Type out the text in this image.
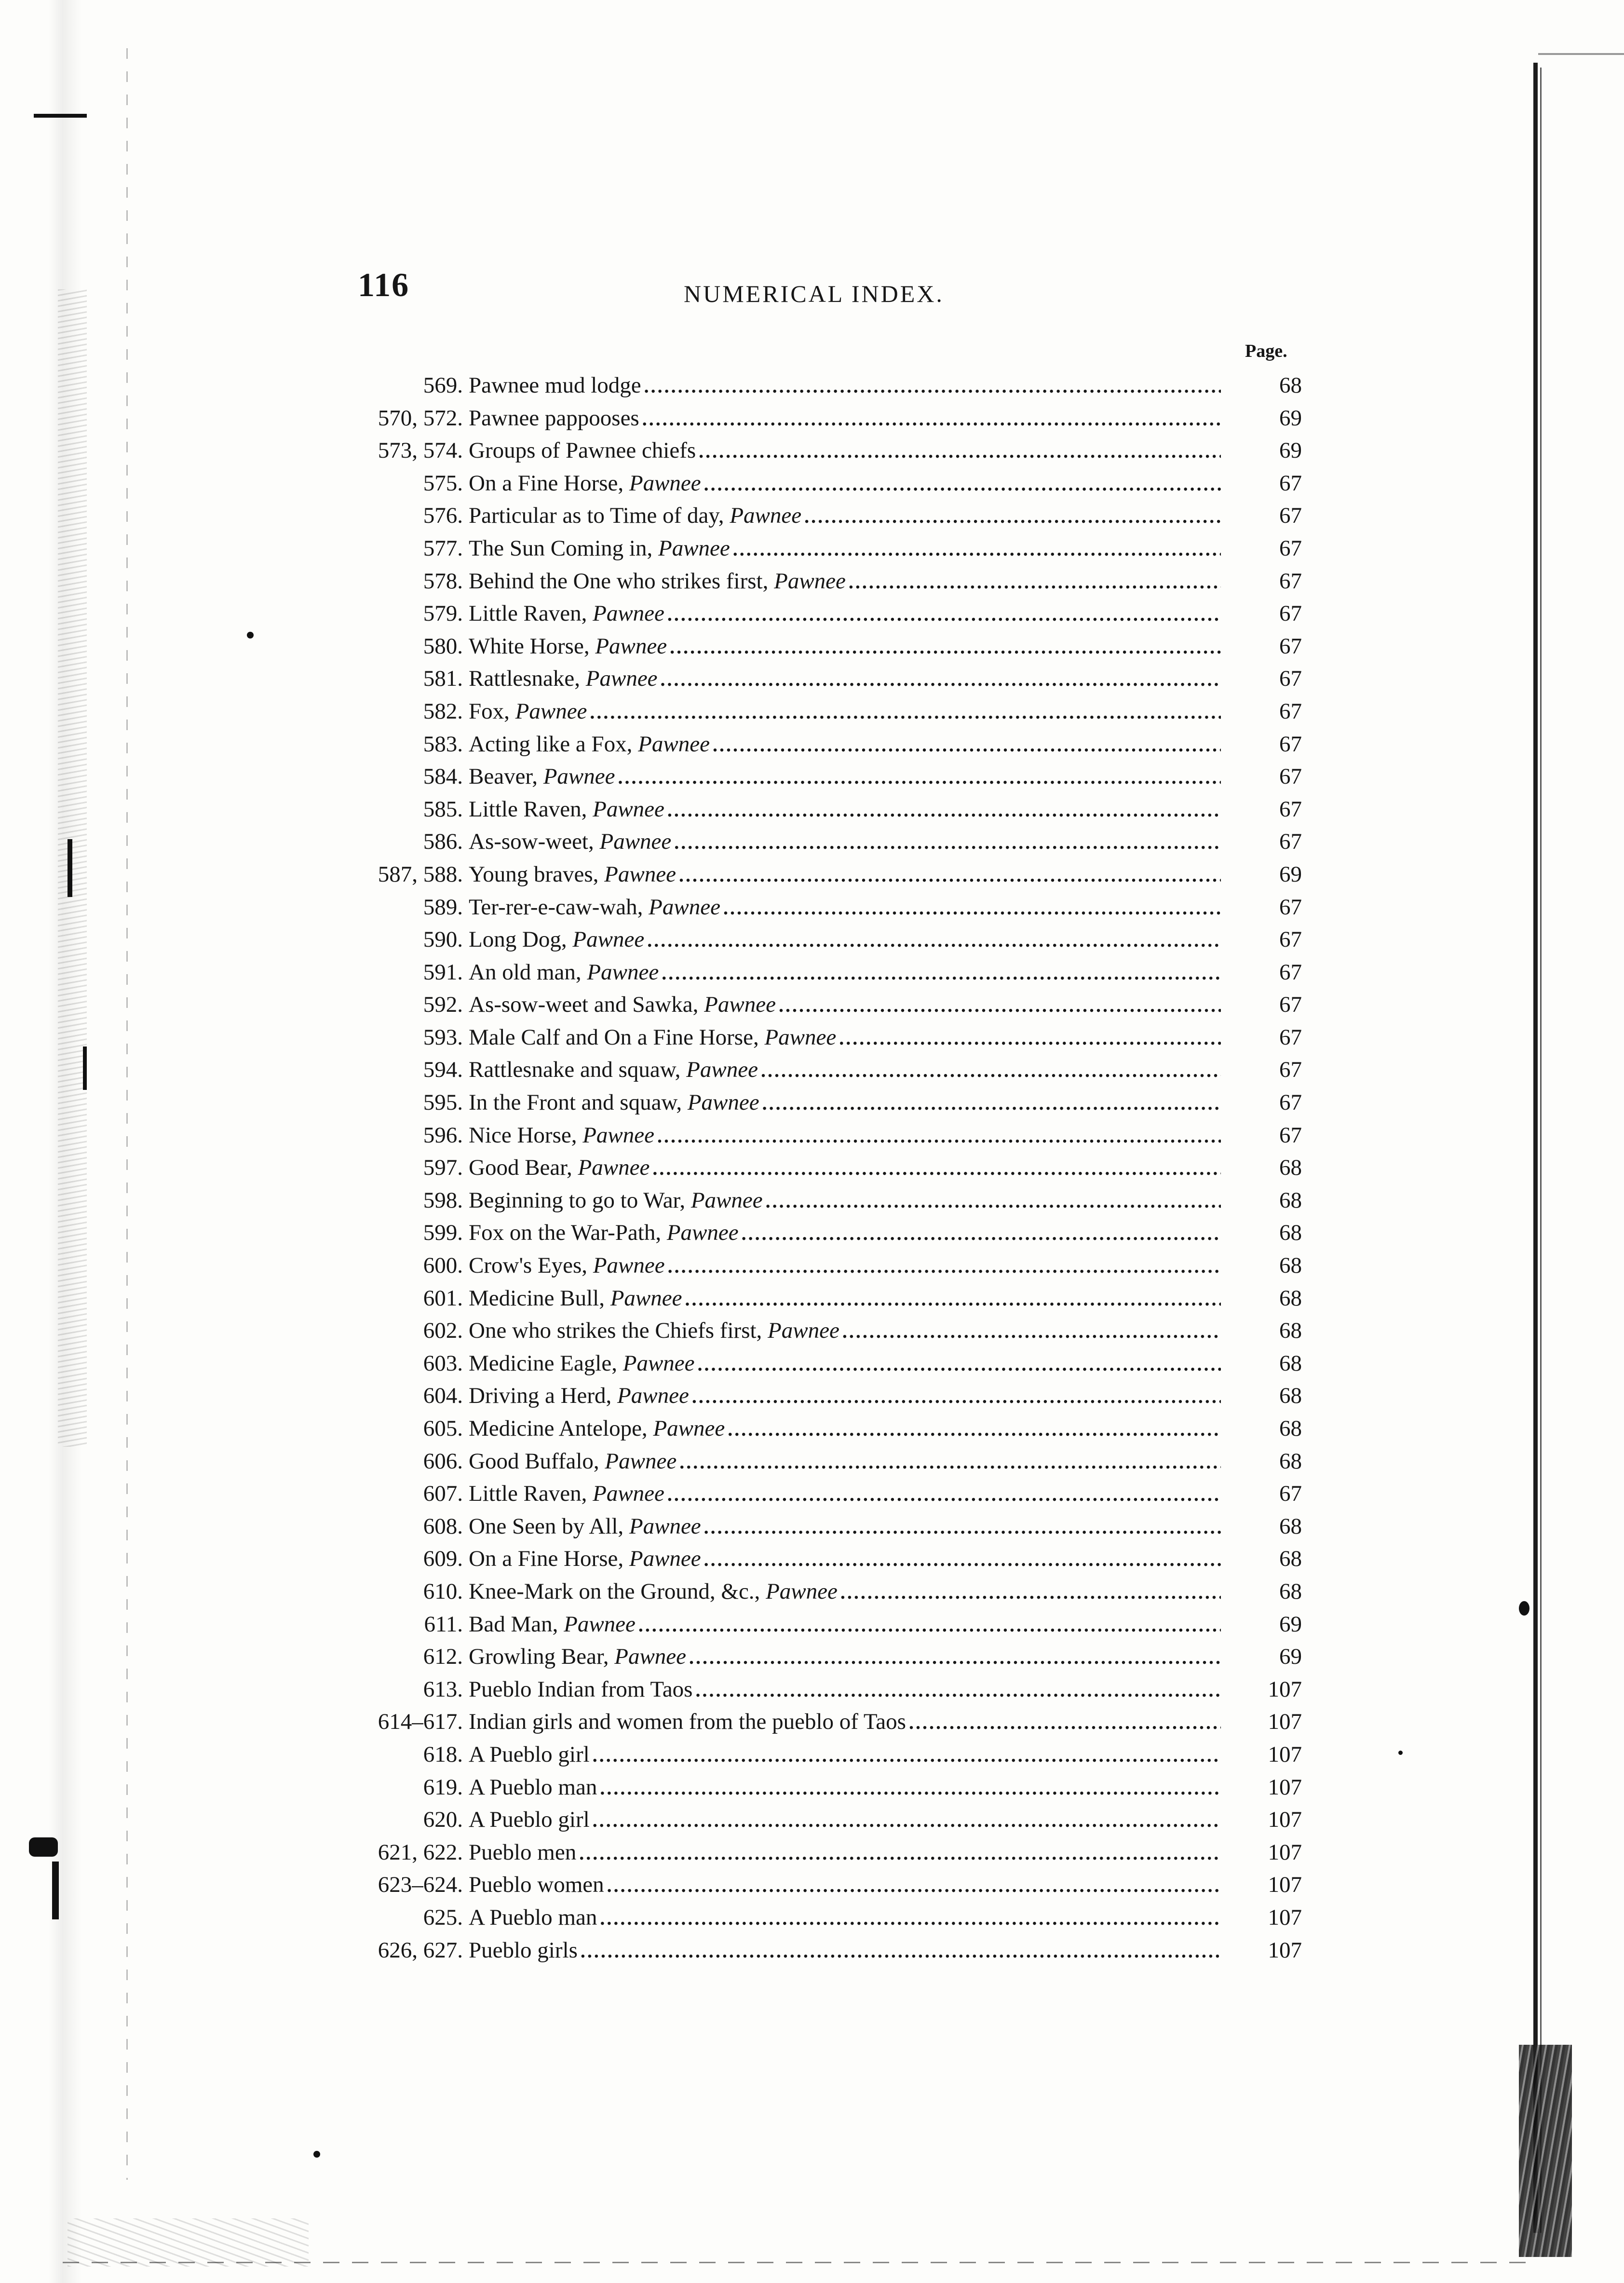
116	NUMERICAL INDEX.
Page.
569. Pawnee mud lodge . . .	68
570, 572. Pawnee pappooses . . .	69
573, 574. Groups of Pawnee chiefs . . .	69
575. On a Fine Horse, Pawnee . . .	67
576. Particular as to Time of day, Pawnee . . .	67
577. The Sun Coming in, Pawnee . . .	67
578. Behind the One who strikes first, Pawnee . . .	67
579. Little Raven, Pawnee . . .	67
580. White Horse, Pawnee . . .	67
581. Rattlesnake, Pawnee . . .	67
582. Fox, Pawnee . . .	67
583. Acting like a Fox, Pawnee . . .	67
584. Beaver, Pawnee . . .	67
585. Little Raven, Pawnee . . .	67
586. As-sow-weet, Pawnee . . .	67
587, 588. Young braves, Pawnee . . .	69
589. Ter-rer-e-caw-wah, Pawnee . . .	67
590. Long Dog, Pawnee . . .	67
591. An old man, Pawnee . . .	67
592. As-sow-weet and Sawka, Pawnee . . .	67
593. Male Calf and On a Fine Horse, Pawnee . . .	67
594. Rattlesnake and squaw, Pawnee . . .	67
595. In the Front and squaw, Pawnee . . .	67
596. Nice Horse, Pawnee . . .	67
597. Good Bear, Pawnee . . .	68
598. Beginning to go to War, Pawnee . . .	68
599. Fox on the War-Path, Pawnee . . .	68
600. Crow's Eyes, Pawnee . . .	68
601. Medicine Bull, Pawnee . . .	68
602. One who strikes the Chiefs first, Pawnee . . .	68
603. Medicine Eagle, Pawnee . . .	68
604. Driving a Herd, Pawnee . . .	68
605. Medicine Antelope, Pawnee . . .	68
606. Good Buffalo, Pawnee . . .	68
607. Little Raven, Pawnee . . .	67
608. One Seen by All, Pawnee . . .	68
609. On a Fine Horse, Pawnee . . .	68
610. Knee-Mark on the Ground, &c., Pawnee . . .	68
611. Bad Man, Pawnee . . .	69
612. Growling Bear, Pawnee . . .	69
613. Pueblo Indian from Taos . . .	107
614–617. Indian girls and women from the pueblo of Taos . . .	107
618. A Pueblo girl . . .	107
619. A Pueblo man . . .	107
620. A Pueblo girl . . .	107
621, 622. Pueblo men . . .	107
623–624. Pueblo women . . .	107
625. A Pueblo man . . .	107
626, 627. Pueblo girls . . .	107
